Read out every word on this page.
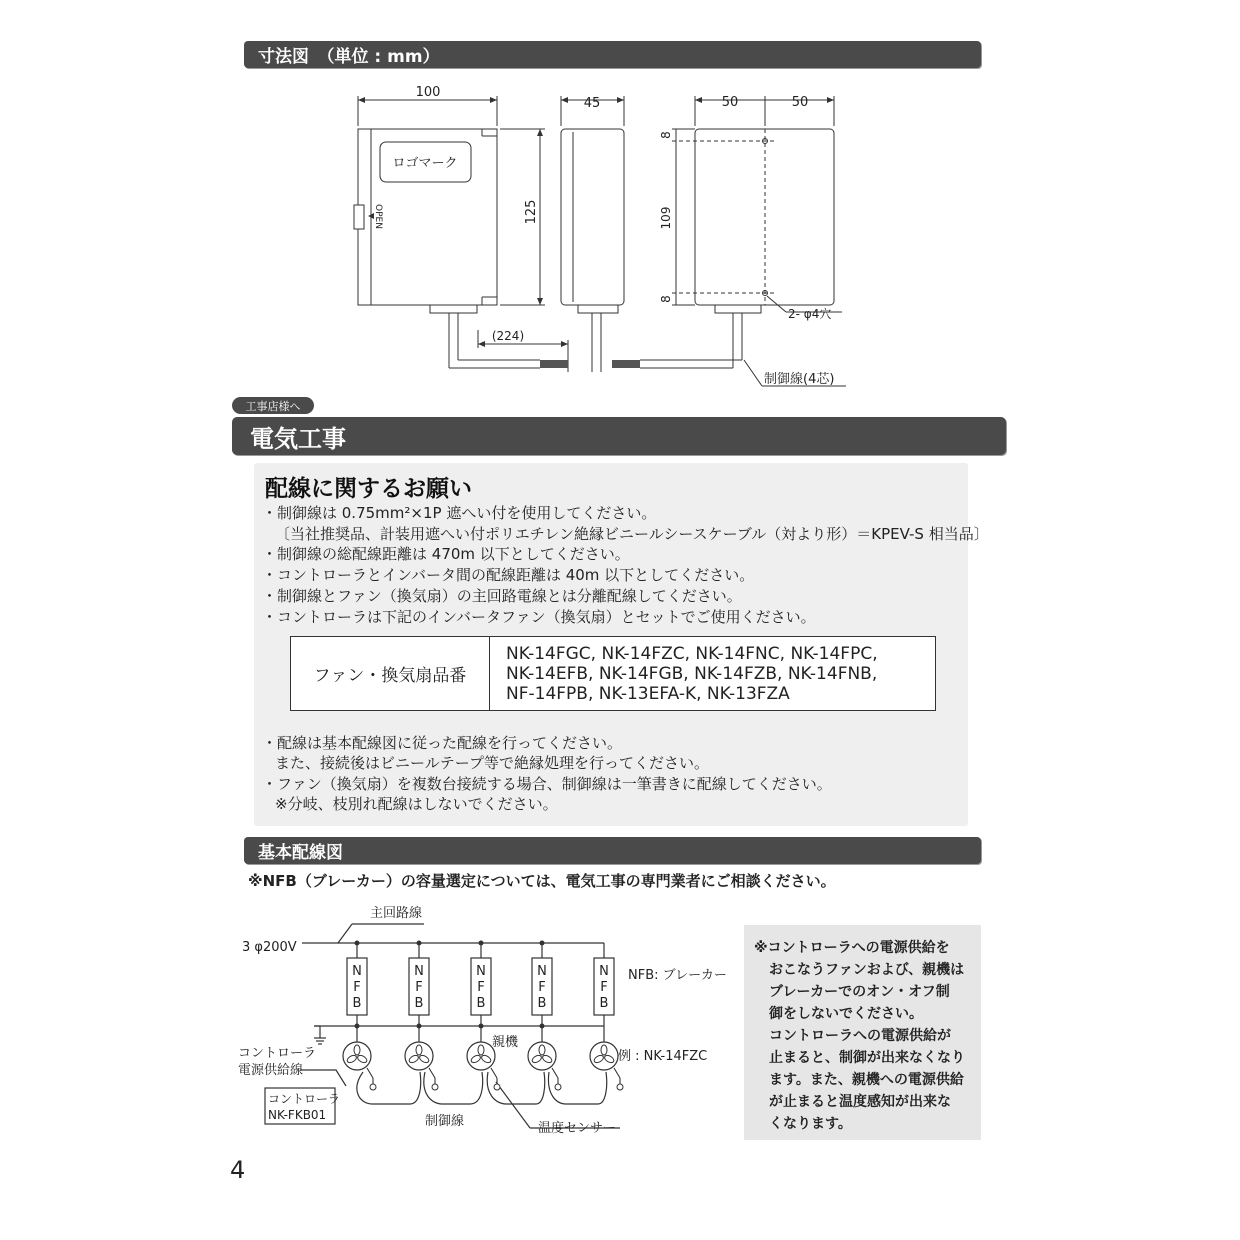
寸法図　（単位 : mm）
100
125
ロゴマーク
OPEN
(224)
45	50	50
8
109
8
2- φ4穴
制御線(4芯)
工事店様へ
電気工事
配線に関するお願い
・制御線は 0.75mm²×1P 遮へい付を使用してください。
〔当社推奨品、計装用遮へい付ポリエチレン絶縁ビニールシースケーブル（対より形）＝KPEV-S 相当品〕
・制御線の総配線距離は 470m 以下としてください。
・コントローラとインバータ間の配線距離は 40m 以下としてください。
・制御線とファン（換気扇）の主回路電線とは分離配線してください。
・コントローラは下記のインバータファン（換気扇）とセットでご使用ください。
ファン・換気扇品番
NK-14FGC, NK-14FZC, NK-14FNC, NK-14FPC,
NK-14EFB, NK-14FGB, NK-14FZB, NK-14FNB,
NF-14FPB, NK-13EFA-K, NK-13FZA
・配線は基本配線図に従った配線を行ってください。
また、接続後はビニールテープ等で絶縁処理を行ってください。
・ファン（換気扇）を複数台接続する場合、制御線は一筆書きに配線してください。
※分岐、枝別れ配線はしないでください。
基本配線図
※NFB（ブレーカー）の容量選定については、電気工事の専門業者にご相談ください。
N
F
B
N
F
B
N
F
B
N
F
B
N
F
B
主回路線
3 φ200V
NFB: ブレーカー
親機
例 : NK-14FZC
コントローラ
電源供給線
コントローラ
NK-FKB01	制御線	温度センサー
※コントローラへの電源供給を
おこなうファンおよび、親機は
ブレーカーでのオン・オフ制
御をしないでください。
コントローラへの電源供給が
止まると、制御が出来なくなり
ます。また、親機への電源供給
が止まると温度感知が出来な
くなります。
4
